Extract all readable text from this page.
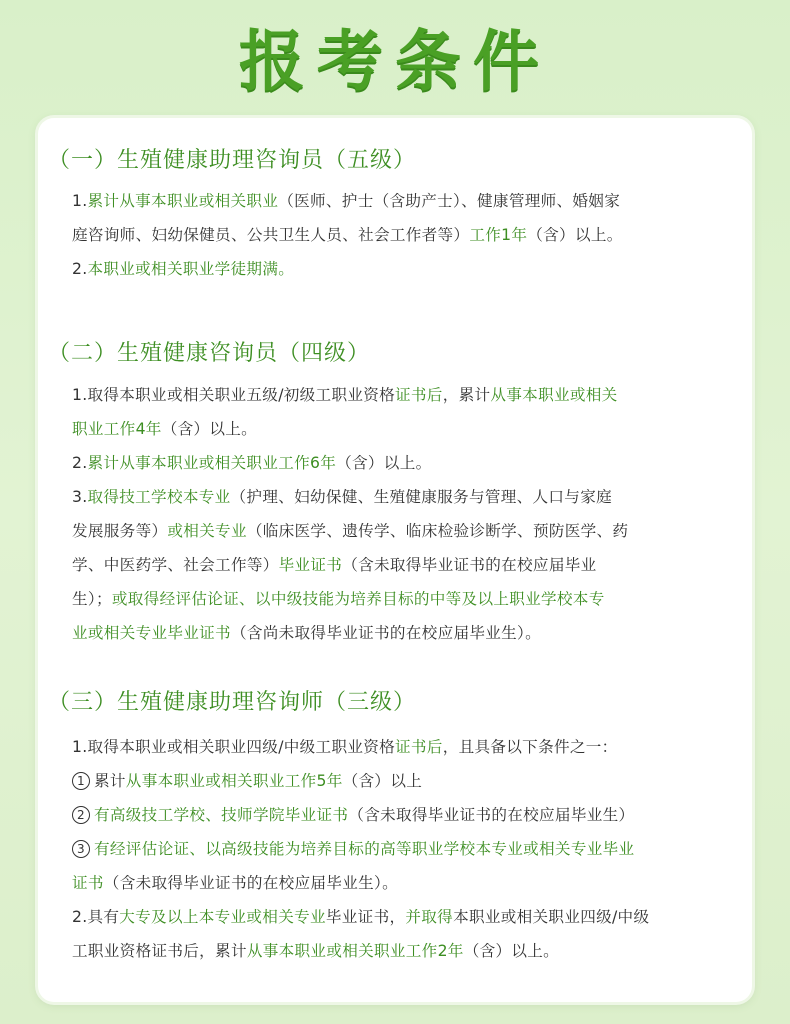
报考条件
（一）生殖健康助理咨询员（五级）
1.累计从事本职业或相关职业（医师、护士（含助产士）、健康管理师、婚姻家
庭咨询师、妇幼保健员、公共卫生人员、社会工作者等）工作1年（含）以上。
2.本职业或相关职业学徒期满。
（二）生殖健康咨询员（四级）
1.取得本职业或相关职业五级/初级工职业资格证书后，累计从事本职业或相关
职业工作4年（含）以上。
2.累计从事本职业或相关职业工作6年（含）以上。
3.取得技工学校本专业（护理、妇幼保健、生殖健康服务与管理、人口与家庭
发展服务等）或相关专业（临床医学、遗传学、临床检验诊断学、预防医学、药
学、中医药学、社会工作等）毕业证书（含未取得毕业证书的在校应届毕业
生）；或取得经评估论证、以中级技能为培养目标的中等及以上职业学校本专
业或相关专业毕业证书（含尚未取得毕业证书的在校应届毕业生）。
（三）生殖健康助理咨询师（三级）
1.取得本职业或相关职业四级/中级工职业资格证书后，且具备以下条件之一：
1 累计从事本职业或相关职业工作5年（含）以上
2 有高级技工学校、技师学院毕业证书（含未取得毕业证书的在校应届毕业生）
3 有经评估论证、以高级技能为培养目标的高等职业学校本专业或相关专业毕业
证书（含未取得毕业证书的在校应届毕业生）。
2.具有大专及以上本专业或相关专业毕业证书，并取得本职业或相关职业四级/中级
工职业资格证书后，累计从事本职业或相关职业工作2年（含）以上。
